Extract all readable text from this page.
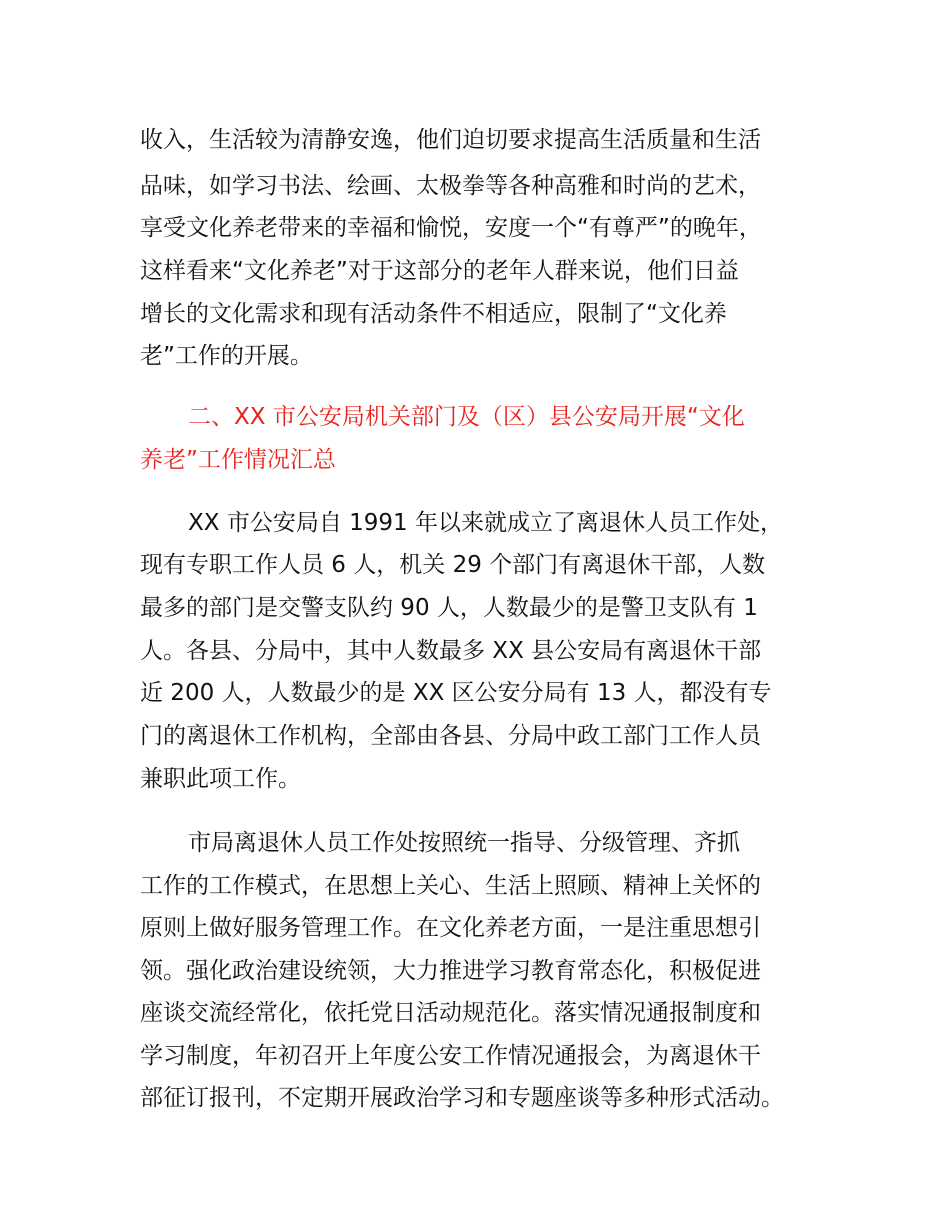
收入，生活较为清静安逸，他们迫切要求提高生活质量和生活
品味，如学习书法、绘画、太极拳等各种高雅和时尚的艺术，
享受文化养老带来的幸福和愉悦，安度一个“有尊严”的晚年，
这样看来“文化养老”对于这部分的老年人群来说，他们日益
增长的文化需求和现有活动条件不相适应，限制了“文化养
老”工作的开展。
二、XX 市公安局机关部门及（区）县公安局开展“文化
养老”工作情况汇总
XX 市公安局自 1991 年以来就成立了离退休人员工作处，
现有专职工作人员 6 人，机关 29 个部门有离退休干部，人数
最多的部门是交警支队约 90 人，人数最少的是警卫支队有 1
人。各县、分局中，其中人数最多 XX 县公安局有离退休干部
近 200 人，人数最少的是 XX 区公安分局有 13 人，都没有专
门的离退休工作机构，全部由各县、分局中政工部门工作人员
兼职此项工作。
市局离退休人员工作处按照统一指导、分级管理、齐抓
工作的工作模式，在思想上关心、生活上照顾、精神上关怀的
原则上做好服务管理工作。在文化养老方面，一是注重思想引
领。强化政治建设统领，大力推进学习教育常态化，积极促进
座谈交流经常化，依托党日活动规范化。落实情况通报制度和
学习制度，年初召开上年度公安工作情况通报会，为离退休干
部征订报刊，不定期开展政治学习和专题座谈等多种形式活动。
